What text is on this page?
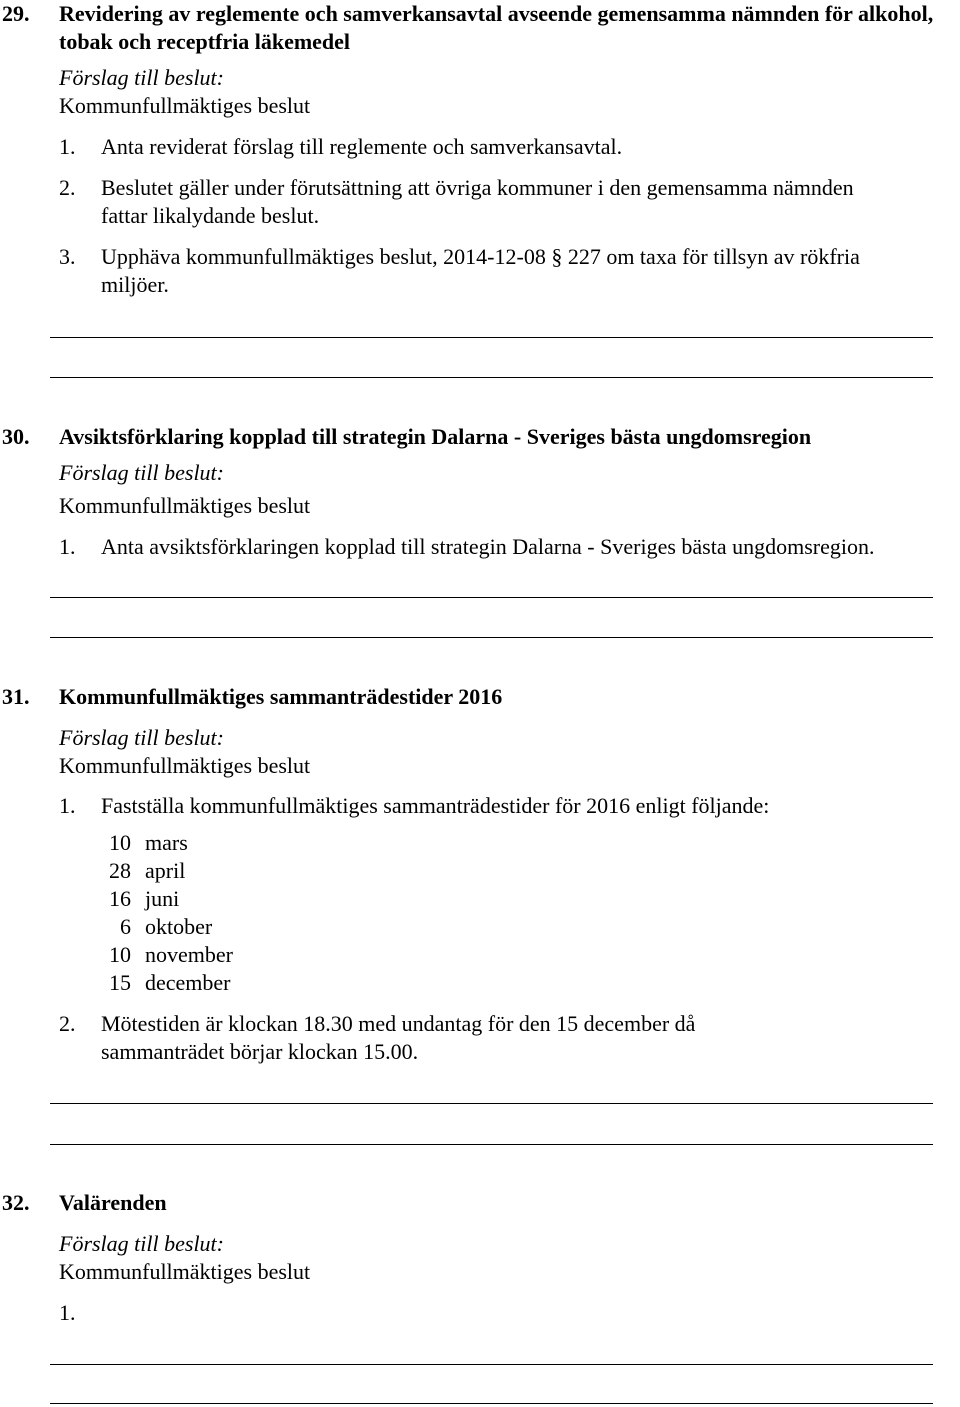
29. Revidering av reglemente och samverkansavtal avseende gemensamma nämnden för alkohol, tobak och receptfria läkemedel
Förslag till beslut:
Kommunfullmäktiges beslut
1. Anta reviderat förslag till reglemente och samverkansavtal.
2. Beslutet gäller under förutsättning att övriga kommuner i den gemensamma nämnden fattar likalydande beslut.
3. Upphäva kommunfullmäktiges beslut, 2014-12-08 § 227 om taxa för tillsyn av rökfria miljöer.
30. Avsiktsförklaring kopplad till strategin Dalarna - Sveriges bästa ungdomsregion
Förslag till beslut:
Kommunfullmäktiges beslut
1. Anta avsiktsförklaringen kopplad till strategin Dalarna - Sveriges bästa ungdomsregion.
31. Kommunfullmäktiges sammanträdestider 2016
Förslag till beslut:
Kommunfullmäktiges beslut
1. Fastställa kommunfullmäktiges sammanträdestider för 2016 enligt följande:
10 mars
28 april
16 juni
6 oktober
10 november
15 december
2. Mötestiden är klockan 18.30 med undantag för den 15 december då sammanträdet börjar klockan 15.00.
32. Valärenden
Förslag till beslut:
Kommunfullmäktiges beslut
1.
